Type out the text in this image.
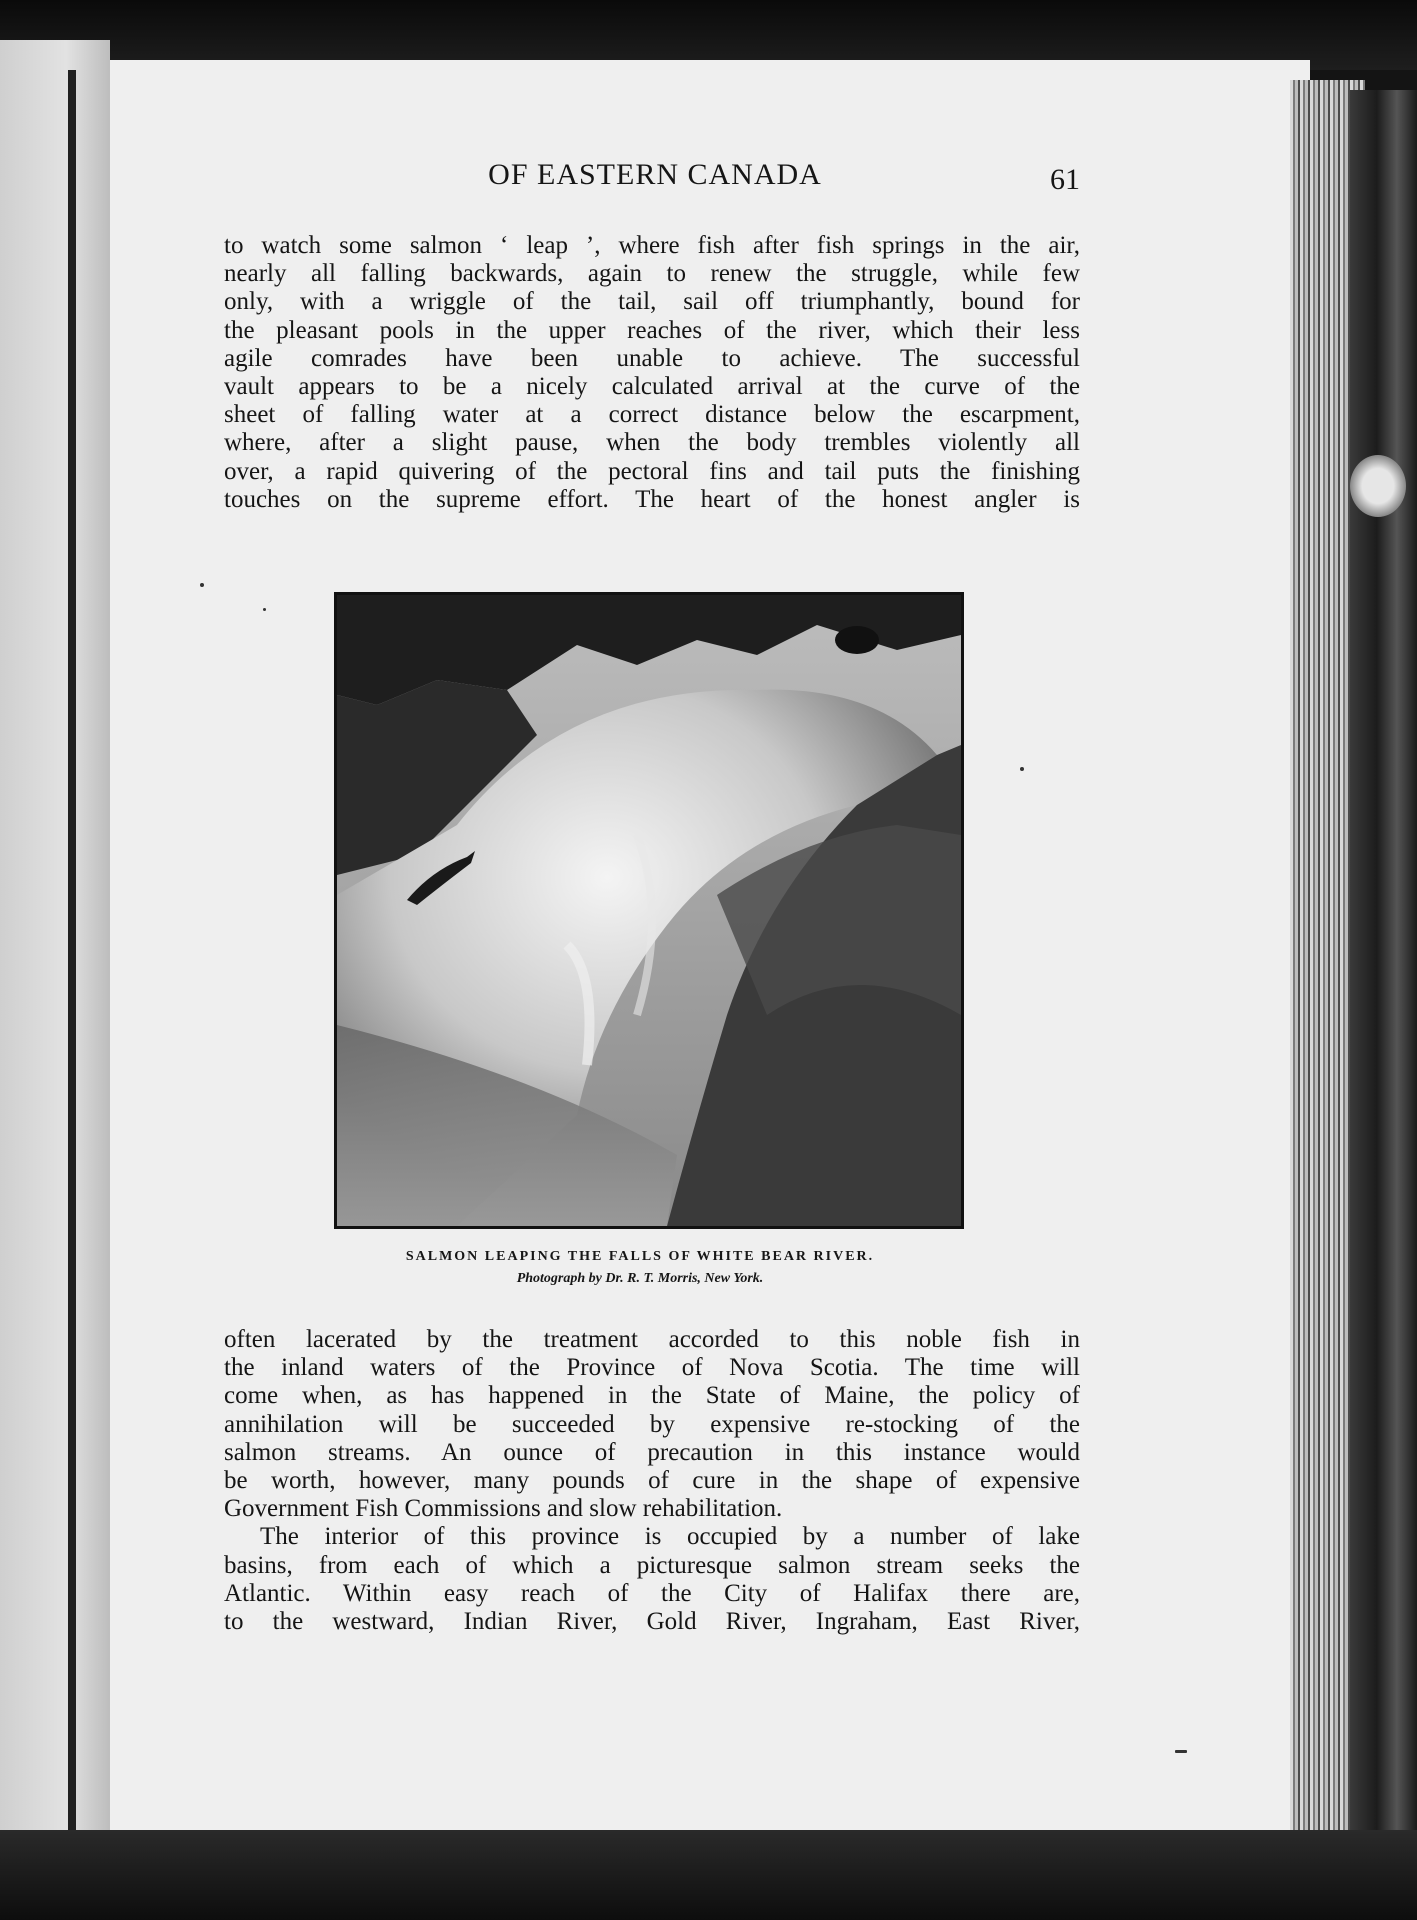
OF EASTERN CANADA	61
to watch some salmon ‘ leap ’, where fish after fish springs in the air,
nearly all falling backwards, again to renew the struggle, while few
only, with a wriggle of the tail, sail off triumphantly, bound for
the pleasant pools in the upper reaches of the river, which their less
agile comrades have been unable to achieve. The successful
vault appears to be a nicely calculated arrival at the curve of the
sheet of falling water at a correct distance below the escarpment,
where, after a slight pause, when the body trembles violently all
over, a rapid quivering of the pectoral fins and tail puts the finishing
touches on the supreme effort. The heart of the honest angler is
SALMON LEAPING THE FALLS OF WHITE BEAR RIVER.
Photograph by Dr. R. T. Morris, New York.
often lacerated by the treatment accorded to this noble fish in
the inland waters of the Province of Nova Scotia. The time will
come when, as has happened in the State of Maine, the policy of
annihilation will be succeeded by expensive re-stocking of the
salmon streams. An ounce of precaution in this instance would
be worth, however, many pounds of cure in the shape of expensive
Government Fish Commissions and slow rehabilitation.
The interior of this province is occupied by a number of lake
basins, from each of which a picturesque salmon stream seeks the
Atlantic. Within easy reach of the City of Halifax there are,
to the westward, Indian River, Gold River, Ingraham, East River,
